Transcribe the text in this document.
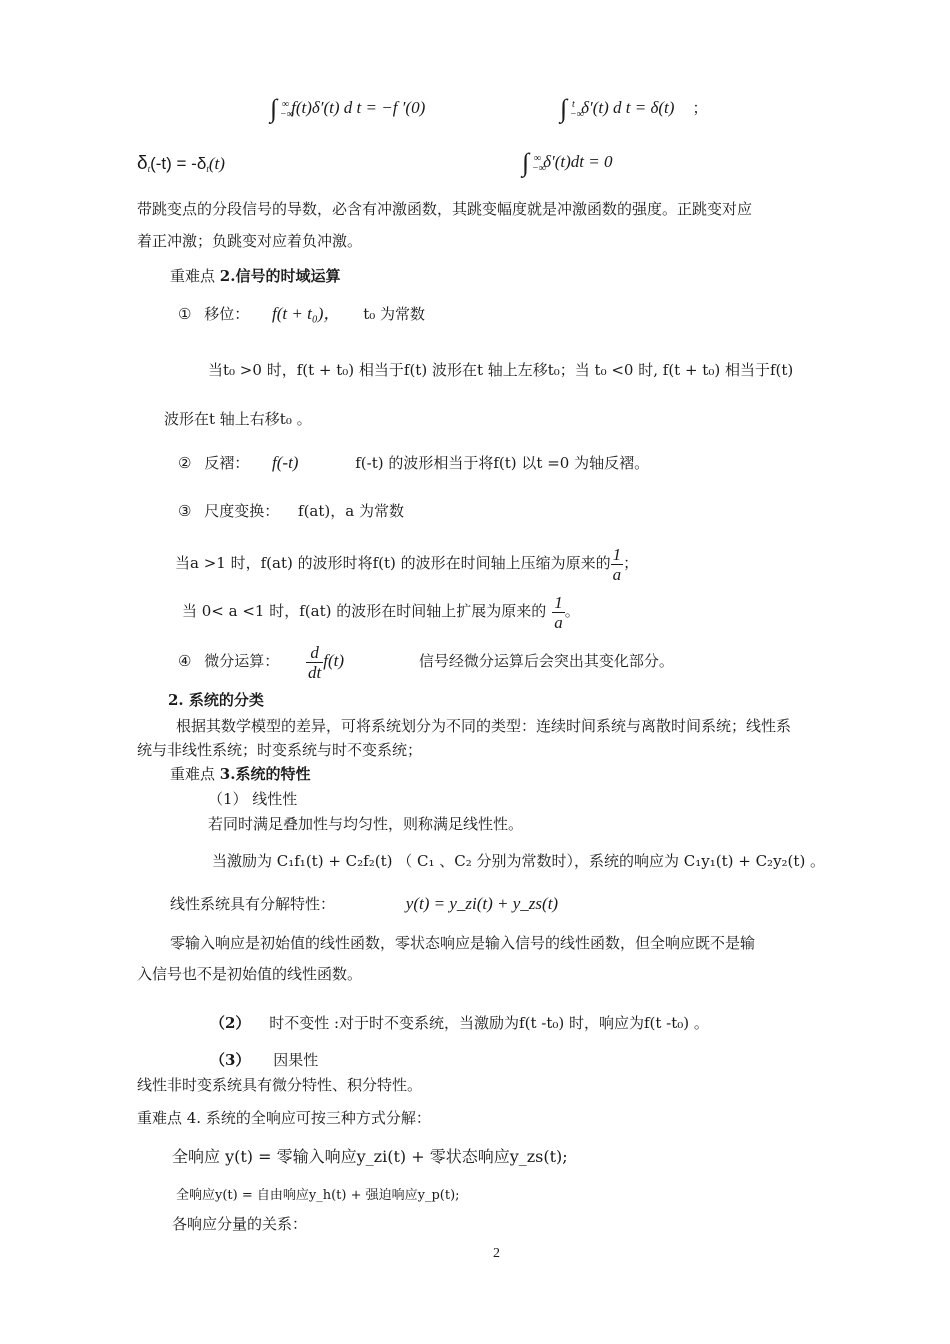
∫ ∞
−∞
f(t)δ′(t) d t = −f ′(0)	∫ t
−∞
δ′(t) d t = δ(t) ；
$\delta_t(-t) = -\delta_t(t)$	∫ ∞
−∞
δ′(t)dt = 0
带跳变点的分段信号的导数，必含有冲激函数，其跳变幅度就是冲激函数的强度。正跳变对应
着正冲激；负跳变对应着负冲激。
重难点 2.信号的时域运算
① 移位： f(t + t₀)， t₀ 为常数
当t₀ >0 时，f(t + t₀) 相当于f(t) 波形在t 轴上左移t₀；当 t₀ <0 时, f(t + t₀) 相当于f(t)
波形在t 轴上右移t₀ 。
② 反褶： f(-t)	f(-t) 的波形相当于将f(t) 以t =0 为轴反褶。
③ 尺度变换： f(at)，a 为常数
当a >1 时，f(at) 的波形时将f(t) 的波形在时间轴上压缩为原来的 $\frac{1}{a}$ ；
当 0< a <1 时，f(at) 的波形在时间轴上扩展为原来的 $\frac{1}{a}$ 。
④ 微分运算： $\frac{d}{dt} f(t)$	信号经微分运算后会突出其变化部分。
2. 系统的分类
根据其数学模型的差异，可将系统划分为不同的类型：连续时间系统与离散时间系统；线性系
统与非线性系统；时变系统与时不变系统；
重难点 3.系统的特性
（1） 线性性
若同时满足叠加性与均匀性，则称满足线性性。
当激励为 C₁f₁(t) + C₂f₂(t) （ C₁ 、C₂ 分别为常数时），系统的响应为 C₁y₁(t) + C₂y₂(t) 。
线性系统具有分解特性：	y(t) = y_zi(t) + y_zs(t)
零输入响应是初始值的线性函数，零状态响应是输入信号的线性函数，但全响应既不是输
入信号也不是初始值的线性函数。
（2） 时不变性 :对于时不变系统，当激励为f(t -t₀) 时，响应为f(t -t₀) 。
（3） 因果性
线性非时变系统具有微分特性、积分特性。
重难点 4. 系统的全响应可按三种方式分解：
全响应 y(t) = 零输入响应y_zi(t) + 零状态响应y_zs(t);
全响应y(t) = 自由响应y_h(t) + 强迫响应y_p(t);
各响应分量的关系：
2
